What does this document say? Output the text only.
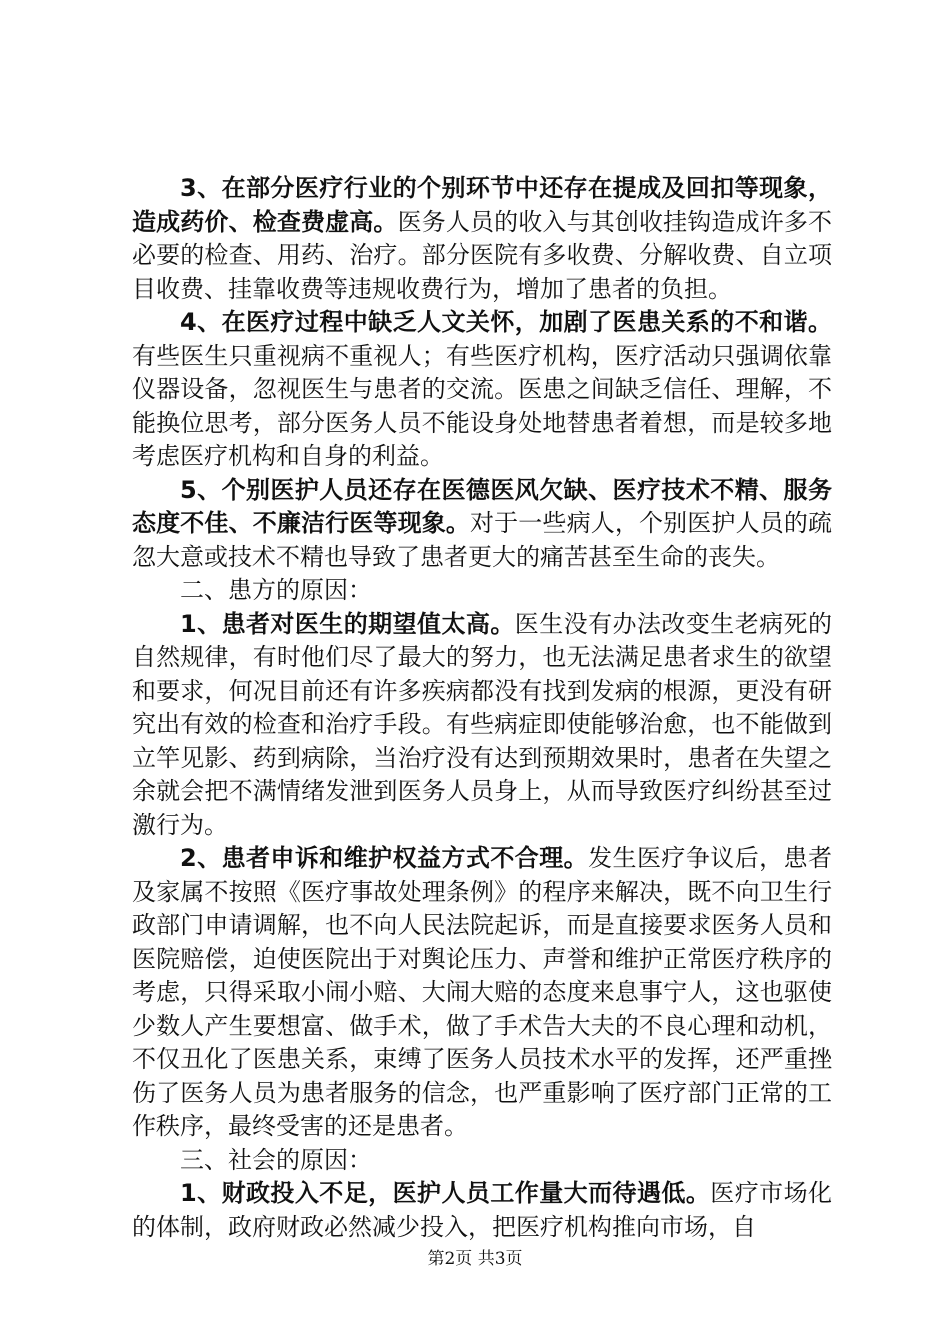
3、在部分医疗行业的个别环节中还存在提成及回扣等现象，造成药价、检查费虚高。医务人员的收入与其创收挂钩造成许多不必要的检查、用药、治疗。部分医院有多收费、分解收费、自立项目收费、挂靠收费等违规收费行为，增加了患者的负担。

4、在医疗过程中缺乏人文关怀，加剧了医患关系的不和谐。有些医生只重视病不重视人；有些医疗机构，医疗活动只强调依靠仪器设备，忽视医生与患者的交流。医患之间缺乏信任、理解，不能换位思考，部分医务人员不能设身处地替患者着想，而是较多地考虑医疗机构和自身的利益。

5、个别医护人员还存在医德医风欠缺、医疗技术不精、服务态度不佳、不廉洁行医等现象。对于一些病人，个别医护人员的疏忽大意或技术不精也导致了患者更大的痛苦甚至生命的丧失。

二、患方的原因：

1、患者对医生的期望值太高。医生没有办法改变生老病死的自然规律，有时他们尽了最大的努力，也无法满足患者求生的欲望和要求，何况目前还有许多疾病都没有找到发病的根源，更没有研究出有效的检查和治疗手段。有些病症即使能够治愈，也不能做到立竿见影、药到病除，当治疗没有达到预期效果时，患者在失望之余就会把不满情绪发泄到医务人员身上，从而导致医疗纠纷甚至过激行为。

2、患者申诉和维护权益方式不合理。发生医疗争议后，患者及家属不按照《医疗事故处理条例》的程序来解决，既不向卫生行政部门申请调解，也不向人民法院起诉，而是直接要求医务人员和医院赔偿，迫使医院出于对舆论压力、声誉和维护正常医疗秩序的考虑，只得采取小闹小赔、大闹大赔的态度来息事宁人，这也驱使少数人产生要想富、做手术，做了手术告大夫的不良心理和动机，不仅丑化了医患关系，束缚了医务人员技术水平的发挥，还严重挫伤了医务人员为患者服务的信念，也严重影响了医疗部门正常的工作秩序，最终受害的还是患者。

三、社会的原因：

1、财政投入不足，医护人员工作量大而待遇低。医疗市场化的体制，政府财政必然减少投入，把医疗机构推向市场，自

第2页 共3页
